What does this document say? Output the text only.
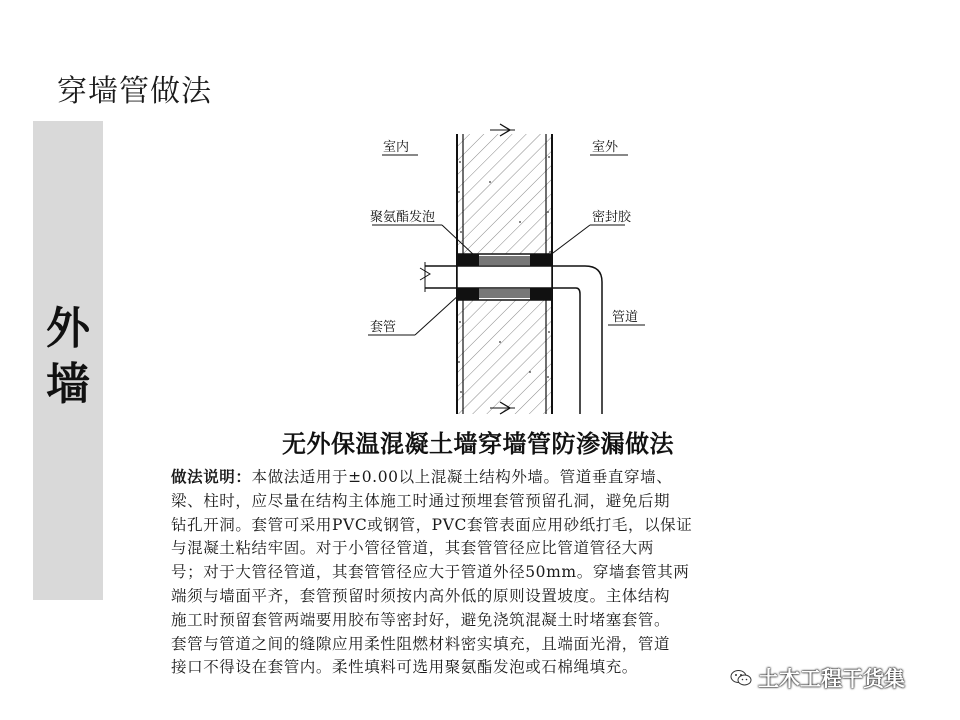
穿墙管做法
外
墙
室内	室外
聚氨酯发泡	密封胶
套管
管道
无外保温混凝土墙穿墙管防渗漏做法
做法说明：本做法适用于±0.00以上混凝土结构外墙。管道垂直穿墙、
梁、柱时，应尽量在结构主体施工时通过预埋套管预留孔洞，避免后期
钻孔开洞。套管可采用PVC或钢管，PVC套管表面应用砂纸打毛，以保证
与混凝土粘结牢固。对于小管径管道，其套管管径应比管道管径大两
号；对于大管径管道，其套管管径应大于管道外径50mm。穿墙套管其两
端须与墙面平齐，套管预留时须按内高外低的原则设置坡度。主体结构
施工时预留套管两端要用胶布等密封好，避免浇筑混凝土时堵塞套管。
套管与管道之间的缝隙应用柔性阻燃材料密实填充，且端面光滑，管道
接口不得设在套管内。柔性填料可选用聚氨酯发泡或石棉绳填充。	土木工程干货集
